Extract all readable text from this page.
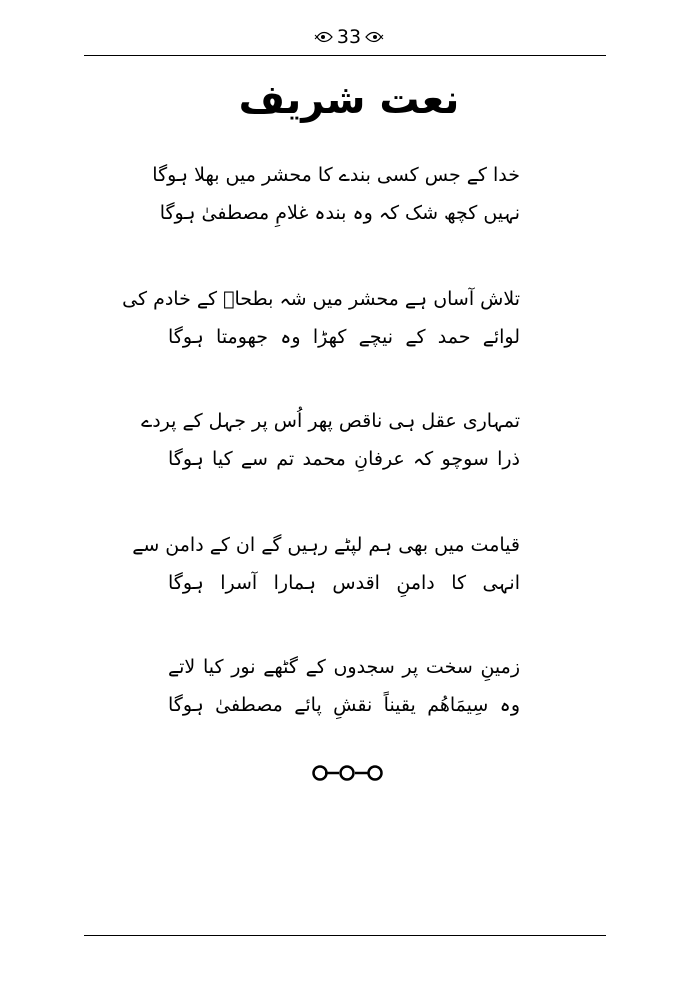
33
نعت شریف
خدا کے جس کسی بندے کا محشر میں بھلا ہوگا
نہیں کچھ شک کہ وہ بندہ غلامِ مصطفیٰ ہوگا
تلاش آساں ہے محشر میں شہ بطحاؐ کے خادم کی
لوائے حمد کے نیچے کھڑا وہ جھومتا ہوگا
تمہاری عقل ہی ناقص پھر اُس پر جہل کے پردے
ذرا سوچو کہ عرفانِ محمد تم سے کیا ہوگا
قیامت میں بھی ہم لپٹے رہیں گے ان کے دامن سے
انہی کا دامنِ اقدس ہمارا آسرا ہوگا
زمینِ سخت پر سجدوں کے گٹھے نور کیا لاتے
وہ سِیمَاهُم یقیناً نقشِ پائے مصطفیٰ ہوگا
